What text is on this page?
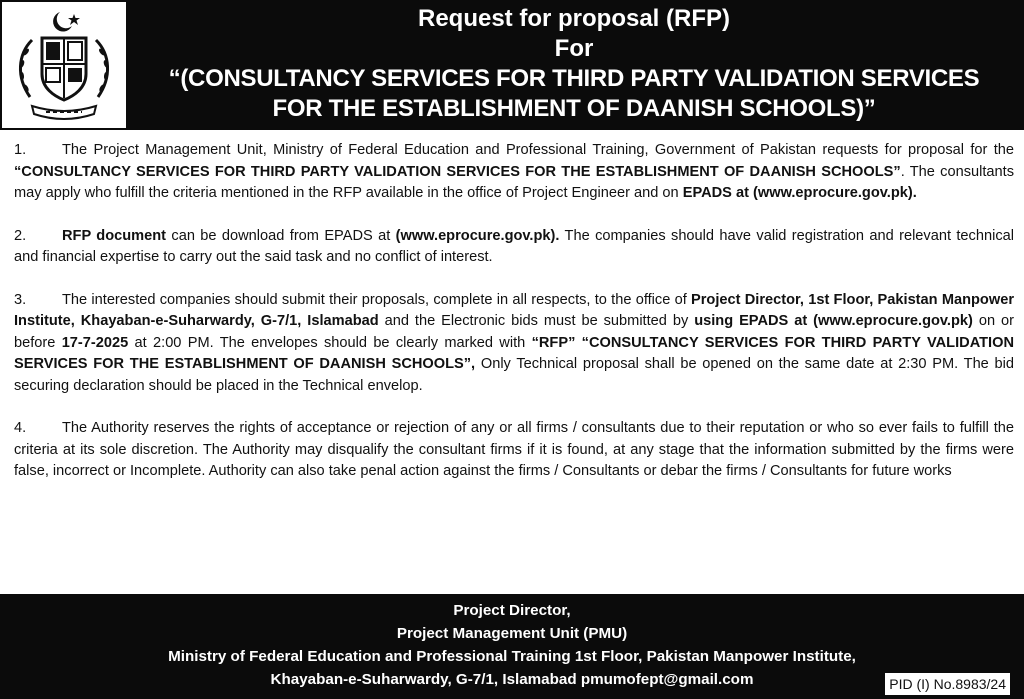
Request for proposal (RFP)
For
“(CONSULTANCY SERVICES FOR THIRD PARTY VALIDATION SERVICES
FOR THE ESTABLISHMENT OF DAANISH SCHOOLS)”

1. The Project Management Unit, Ministry of Federal Education and Professional Training, Government of Pakistan requests for proposal for the “CONSULTANCY SERVICES FOR THIRD PARTY VALIDATION SERVICES FOR THE ESTABLISHMENT OF DAANISH SCHOOLS”. The consultants may apply who fulfill the criteria mentioned in the RFP available in the office of Project Engineer and on EPADS at (www.eprocure.gov.pk).

2. RFP document can be download from EPADS at (www.eprocure.gov.pk). The companies should have valid registration and relevant technical and financial expertise to carry out the said task and no conflict of interest.

3. The interested companies should submit their proposals, complete in all respects, to the office of Project Director, 1st Floor, Pakistan Manpower Institute, Khayaban-e-Suharwardy, G-7/1, Islamabad and the Electronic bids must be submitted by using EPADS at (www.eprocure.gov.pk) on or before 17-7-2025 at 2:00 PM. The envelopes should be clearly marked with “RFP” “CONSULTANCY SERVICES FOR THIRD PARTY VALIDATION SERVICES FOR THE ESTABLISHMENT OF DAANISH SCHOOLS”, Only Technical proposal shall be opened on the same date at 2:30 PM. The bid securing declaration should be placed in the Technical envelop.

4. The Authority reserves the rights of acceptance or rejection of any or all firms / consultants due to their reputation or who so ever fails to fulfill the criteria at its sole discretion. The Authority may disqualify the consultant firms if it is found, at any stage that the information submitted by the firms were false, incorrect or Incomplete. Authority can also take penal action against the firms / Consultants or debar the firms / Consultants for future works

Project Director,
Project Management Unit (PMU)
Ministry of Federal Education and Professional Training 1st Floor, Pakistan Manpower Institute,
Khayaban-e-Suharwardy, G-7/1, Islamabad pmumofept@gmail.com	PID (I) No.8983/24
